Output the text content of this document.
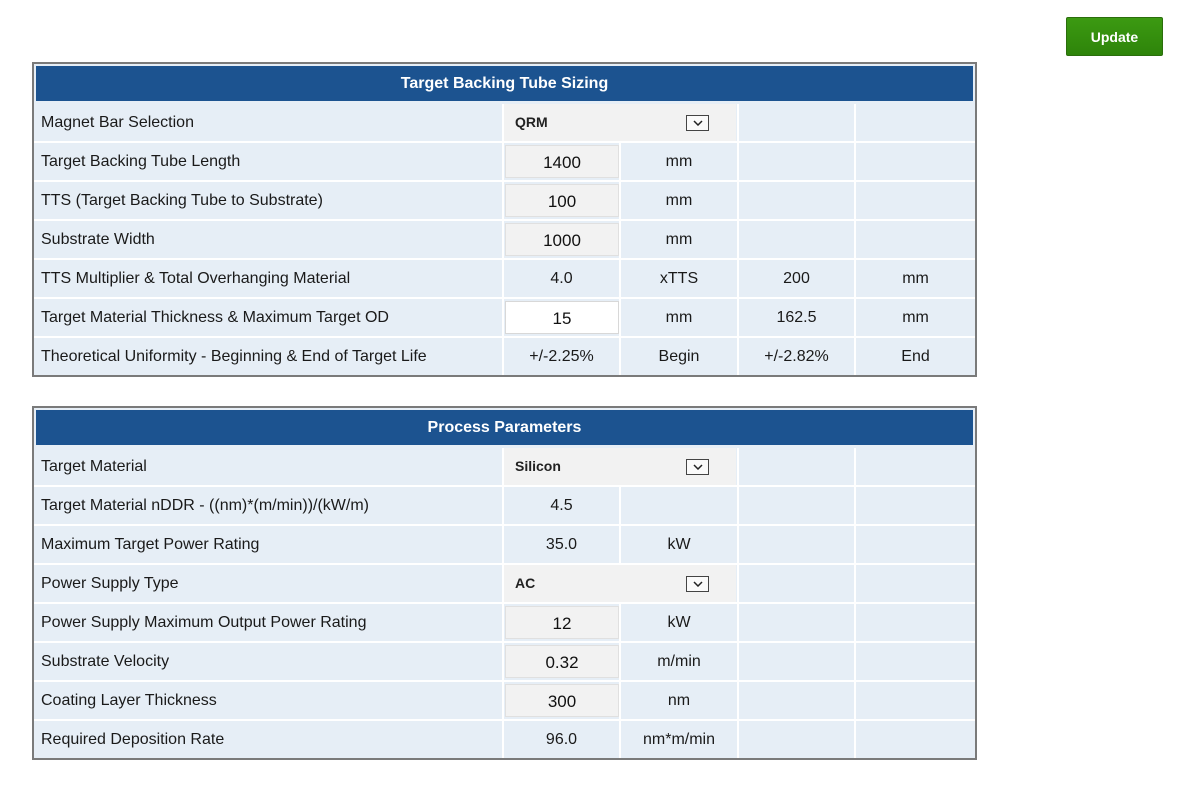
Update
Target Backing Tube Sizing				
Magnet Bar Selection	QRM			

Target Backing Tube Length	1400	mm		
TTS (Target Backing Tube to Substrate)	100	mm		
Substrate Width	1000	mm		
TTS Multiplier & Total Overhanging Material	4.0	xTTS	200	mm
Target Material Thickness & Maximum Target OD	15	mm	162.5	mm
Theoretical Uniformity - Beginning & End of Target Life	+/-2.25%	Begin	+/-2.82%	End
Process Parameters				
Target Material	Silicon			

Target Material nDDR - ((nm)*(m/min))/(kW/m)	4.5			
Maximum Target Power Rating	35.0	kW		
Power Supply Type	AC			

Power Supply Maximum Output Power Rating	12	kW		
Substrate Velocity	0.32	m/min		
Coating Layer Thickness	300	nm		
Required Deposition Rate	96.0	nm*m/min		
